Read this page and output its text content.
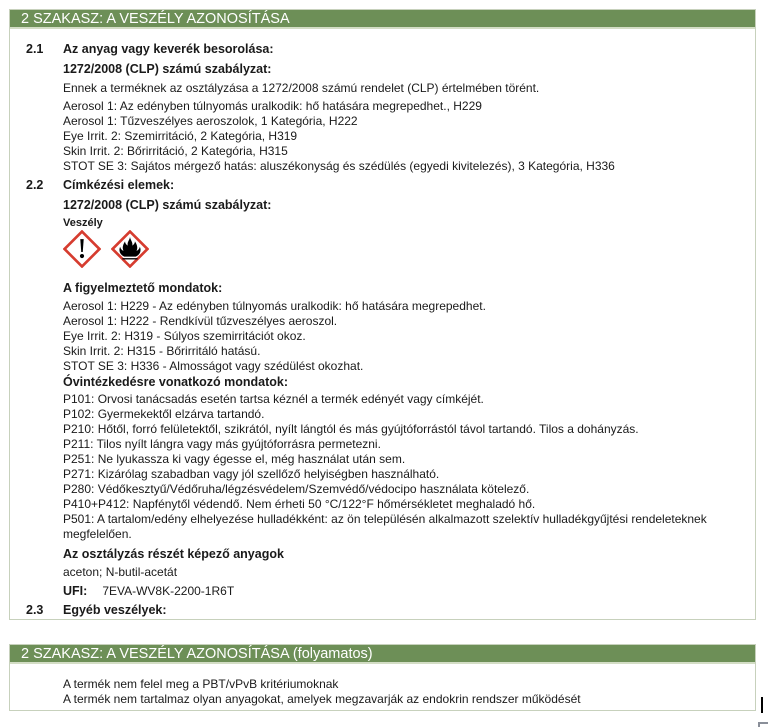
2 SZAKASZ: A VESZÉLY AZONOSÍTÁSA
2.1	Az anyag vagy keverék besorolása:
1272/2008 (CLP) számú szabályzat:
Ennek a terméknek az osztályzása a 1272/2008 számú rendelet (CLP) értelmében törént.
Aerosol 1: Az edényben túlnyomás uralkodik: hő hatására megrepedhet., H229
Aerosol 1: Tűzveszélyes aeroszolok, 1 Kategória, H222
Eye Irrit. 2: Szemirritáció, 2 Kategória, H319
Skin Irrit. 2: Bőrirritáció, 2 Kategória, H315
STOT SE 3: Sajátos mérgező hatás: aluszékonyság és szédülés (egyedi kivitelezés), 3 Kategória, H336
2.2	Címkézési elemek:
1272/2008 (CLP) számú szabályzat:
Veszély
A figyelmeztető mondatok:
Aerosol 1: H229 - Az edényben túlnyomás uralkodik: hő hatására megrepedhet.
Aerosol 1: H222 - Rendkívül tűzveszélyes aeroszol.
Eye Irrit. 2: H319 - Súlyos szemirritációt okoz.
Skin Irrit. 2: H315 - Bőrirritáló hatású.
STOT SE 3: H336 - Almosságot vagy szédülést okozhat.
Óvintézkedésre vonatkozó mondatok:
P101: Orvosi tanácsadás esetén tartsa kéznél a termék edényét vagy címkéjét.
P102: Gyermekektől elzárva tartandó.
P210: Hőtől, forró felületektől, szikrától, nyílt lángtól és más gyújtóforrástól távol tartandó. Tilos a dohányzás.
P211: Tilos nyílt lángra vagy más gyújtóforrásra permetezni.
P251: Ne lyukassza ki vagy égesse el, még használat után sem.
P271: Kizárólag szabadban vagy jól szellőző helyiségben használható.
P280: Védőkesztyű/Védőruha/légzésvédelem/Szemvédő/védocipo használata kötelező.
P410+P412: Napfénytől védendő. Nem érheti 50 °C/122°F hőmérsékletet meghaladó hő.
P501: A tartalom/edény elhelyezése hulladékként: az ön településén alkalmazott szelektív hulladékgyűjtési rendeleteknek
megfelelően.
Az osztályzás részét képező anyagok
aceton; N-butil-acetát
UFI: 7EVA-WV8K-2200-1R6T
2.3	Egyéb veszélyek:
2 SZAKASZ: A VESZÉLY AZONOSÍTÁSA (folyamatos)
A termék nem felel meg a PBT/vPvB kritériumoknak
A termék nem tartalmaz olyan anyagokat, amelyek megzavarják az endokrin rendszer működését
